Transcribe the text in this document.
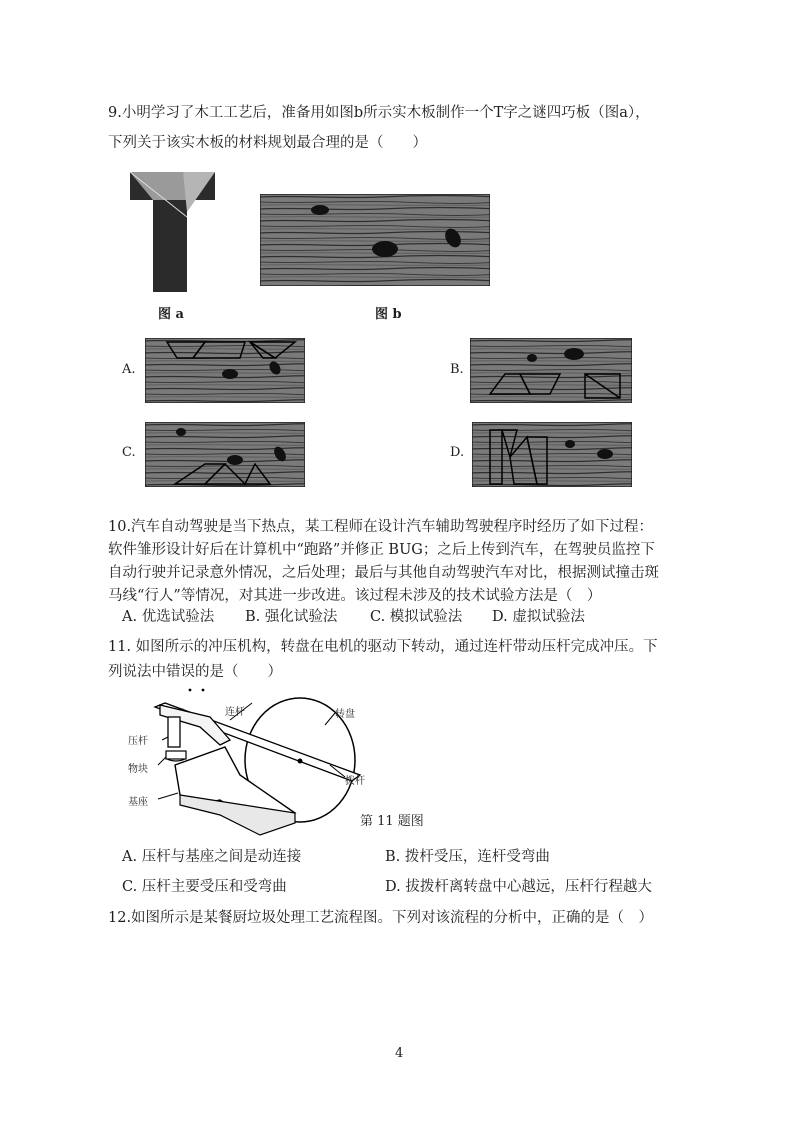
9.小明学习了木工工艺后，准备用如图b所示实木板制作一个T字之谜四巧板（图a），
下列关于该实木板的材料规划最合理的是（　　）
图 a	图 b
A.	B.
C.	D.
10.汽车自动驾驶是当下热点，某工程师在设计汽车辅助驾驶程序时经历了如下过程：
软件雏形设计好后在计算机中“跑路”并修正 BUG；之后上传到汽车，在驾驶员监控下
自动行驶并记录意外情况，之后处理；最后与其他自动驾驶汽车对比，根据测试撞击斑
马线“行人”等情况，对其进一步改进。该过程未涉及的技术试验方法是（　）
A. 优选试验法 B. 强化试验法 C. 模拟试验法 D. 虚拟试验法
11. 如图所示的冲压机构，转盘在电机的驱动下转动，通过连杆带动压杆完成冲压。下
列说法中错误的是（　　）
连杆	转盘
压杆
物块
基座
拨杆
第 11 题图
A. 压杆与基座之间是动连接	B. 拨杆受压，连杆受弯曲
C. 压杆主要受压和受弯曲	D. 拔拨杆离转盘中心越远，压杆行程越大
12.如图所示是某餐厨垃圾处理工艺流程图。下列对该流程的分析中，正确的是（　）
4
